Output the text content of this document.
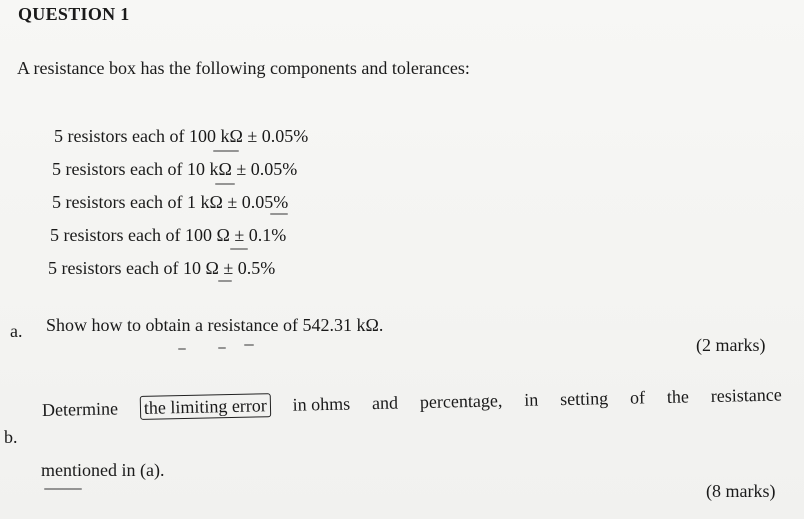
QUESTION 1
A resistance box has the following components and tolerances:
5 resistors each of 100 kΩ ± 0.05%
5 resistors each of 10 kΩ ± 0.05%
5 resistors each of 1 kΩ ± 0.05%
5 resistors each of 100 Ω ± 0.1%
5 resistors each of 10 Ω ± 0.5%
a. Show how to obtain a resistance of 542.31 kΩ.
(2 marks)
b.
Determine the limiting error in ohms and percentage, in setting of the resistance
mentioned in (a).
(8 marks)
